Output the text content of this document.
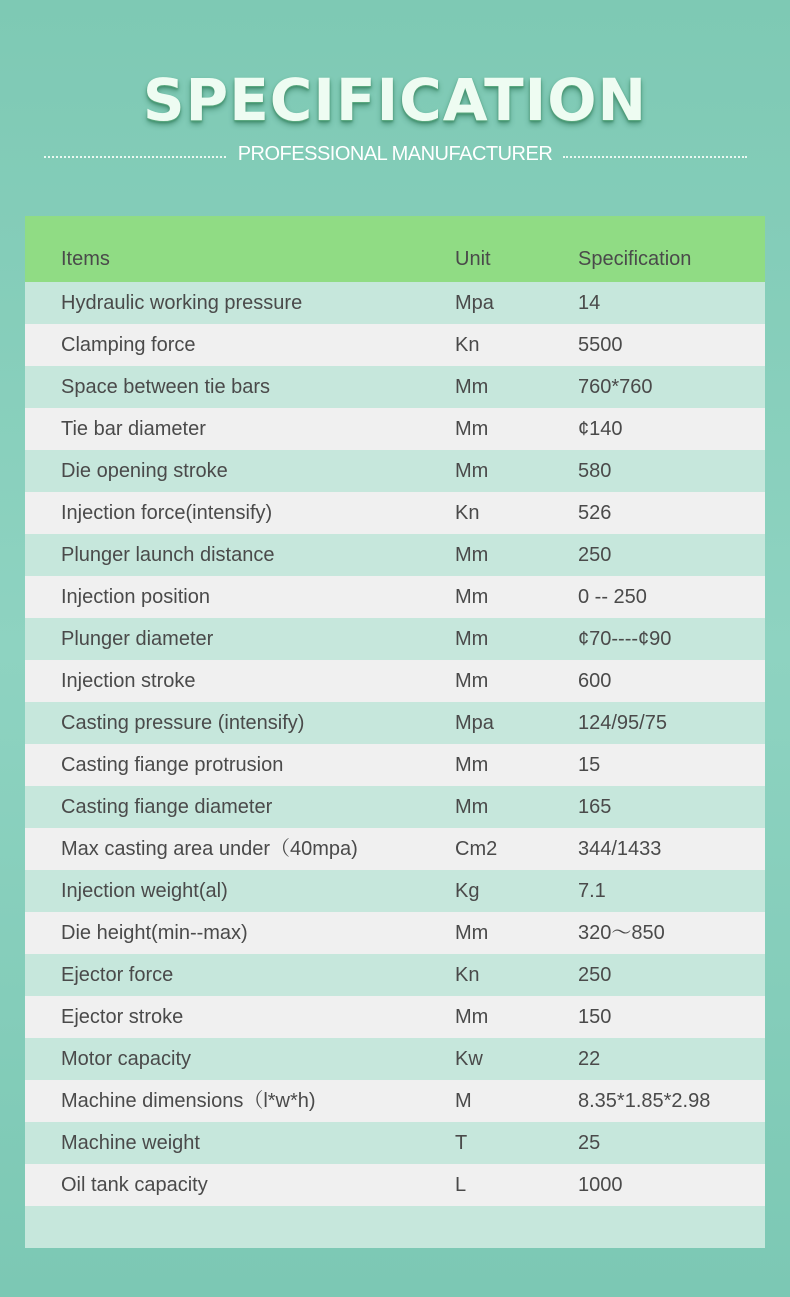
SPECIFICATION
PROFESSIONAL MANUFACTURER
Items	Unit	Specification
Hydraulic working pressure	Mpa	14
Clamping force	Kn	5500
Space between tie bars	Mm	760*760
Tie bar diameter	Mm	¢140
Die opening stroke	Mm	580
Injection force(intensify)	Kn	526
Plunger launch distance	Mm	250
Injection position	Mm	0 -- 250
Plunger diameter	Mm	¢70----¢90
Injection stroke	Mm	600
Casting pressure (intensify)	Mpa	124/95/75
Casting fiange protrusion	Mm	15
Casting fiange diameter	Mm	165
Max casting area under（40mpa)	Cm2	344/1433
Injection weight(al)	Kg	7.1
Die height(min--max)	Mm	320～850
Ejector force	Kn	250
Ejector stroke	Mm	150
Motor capacity	Kw	22
Machine dimensions（l*w*h)	M	8.35*1.85*2.98
Machine weight	T	25
Oil tank capacity	L	1000
